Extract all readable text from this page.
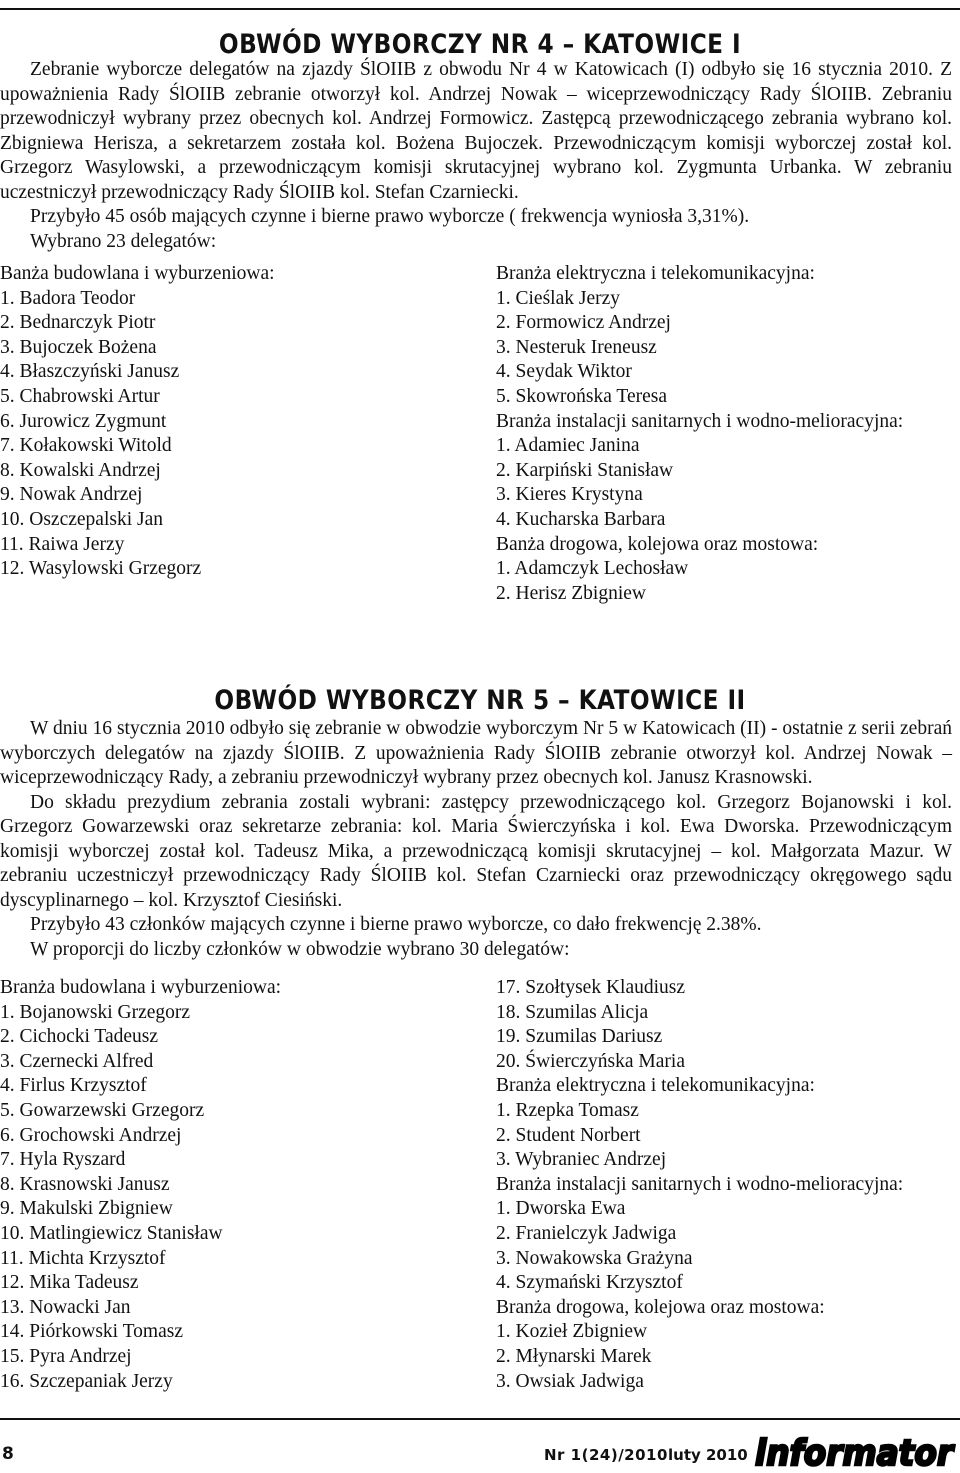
OBWÓD WYBORCZY NR 4 – KATOWICE I

Zebranie wyborcze delegatów na zjazdy ŚlOIIB z obwodu Nr 4 w Katowicach (I) odbyło się 16 stycznia 2010. Z upoważnienia Rady ŚlOIIB zebranie otworzył kol. Andrzej Nowak – wiceprzewodniczący Rady ŚlOIIB. Zebraniu przewodniczył wybrany przez obecnych kol. Andrzej Formowicz. Zastępcą przewodniczącego zebrania wybrano kol. Zbigniewa Herisza, a sekretarzem została kol. Bożena Bujoczek. Przewodniczącym komisji wyborczej został kol. Grzegorz Wasylowski, a przewodniczącym komisji skrutacyjnej wybrano kol. Zygmunta Urbanka. W zebraniu uczestniczył przewodniczący Rady ŚlOIIB kol. Stefan Czarniecki.

Przybyło 45 osób mających czynne i bierne prawo wyborcze ( frekwencja wyniosła 3,31%).

Wybrano 23 delegatów:

Banża budowlana i wyburzeniowa:
1. Badora Teodor
2. Bednarczyk Piotr
3. Bujoczek Bożena
4. Błaszczyński Janusz
5. Chabrowski Artur
6. Jurowicz Zygmunt
7. Kołakowski Witold
8. Kowalski Andrzej
9. Nowak Andrzej
10. Oszczepalski Jan
11. Raiwa Jerzy
12. Wasylowski Grzegorz
Branża elektryczna i telekomunikacyjna:
1. Cieślak Jerzy
2. Formowicz Andrzej
3. Nesteruk Ireneusz
4. Seydak Wiktor
5. Skowrońska Teresa
Branża instalacji sanitarnych i wodno-melioracyjna:
1. Adamiec Janina
2. Karpiński Stanisław
3. Kieres Krystyna
4. Kucharska Barbara
Banża drogowa, kolejowa oraz mostowa:
1. Adamczyk Lechosław
2. Herisz Zbigniew
OBWÓD WYBORCZY NR 5 – KATOWICE II

W dniu 16 stycznia 2010 odbyło się zebranie w obwodzie wyborczym Nr 5 w Katowicach (II) - ostatnie z serii zebrań wyborczych delegatów na zjazdy ŚlOIIB. Z upoważnienia Rady ŚlOIIB zebranie otworzył kol. Andrzej Nowak – wiceprzewodniczący Rady, a zebraniu przewodniczył wybrany przez obecnych kol. Janusz Krasnowski.

Do składu prezydium zebrania zostali wybrani: zastępcy przewodniczącego kol. Grzegorz Bojanowski i kol. Grzegorz Gowarzewski oraz sekretarze zebrania: kol. Maria Świerczyńska i kol. Ewa Dworska. Przewodniczącym komisji wyborczej został kol. Tadeusz Mika, a przewodniczącą komisji skrutacyjnej – kol. Małgorzata Mazur. W zebraniu uczestniczył przewodniczący Rady ŚlOIIB kol. Stefan Czarniecki oraz przewodniczący okręgowego sądu dyscyplinarnego – kol. Krzysztof Ciesiński.

Przybyło 43 członków mających czynne i bierne prawo wyborcze, co dało frekwencję 2.38%.

W proporcji do liczby członków w obwodzie wybrano 30 delegatów:

Branża budowlana i wyburzeniowa:
1. Bojanowski Grzegorz
2. Cichocki Tadeusz
3. Czernecki Alfred
4. Firlus Krzysztof
5. Gowarzewski Grzegorz
6. Grochowski Andrzej
7. Hyla Ryszard
8. Krasnowski Janusz
9. Makulski Zbigniew
10. Matlingiewicz Stanisław
11. Michta Krzysztof
12. Mika Tadeusz
13. Nowacki Jan
14. Piórkowski Tomasz
15. Pyra Andrzej
16. Szczepaniak Jerzy
17. Szołtysek Klaudiusz
18. Szumilas Alicja
19. Szumilas Dariusz
20. Świerczyńska Maria
Branża elektryczna i telekomunikacyjna:
1. Rzepka Tomasz
2. Student Norbert
3. Wybraniec Andrzej
Branża instalacji sanitarnych i wodno-melioracyjna:
1. Dworska Ewa
2. Franielczyk Jadwiga
3. Nowakowska Grażyna
4. Szymański Krzysztof
Branża drogowa, kolejowa oraz mostowa:
1. Kozieł Zbigniew
2. Młynarski Marek
3. Owsiak Jadwiga
8	Nr 1(24)/2010 luty 2010 informator
